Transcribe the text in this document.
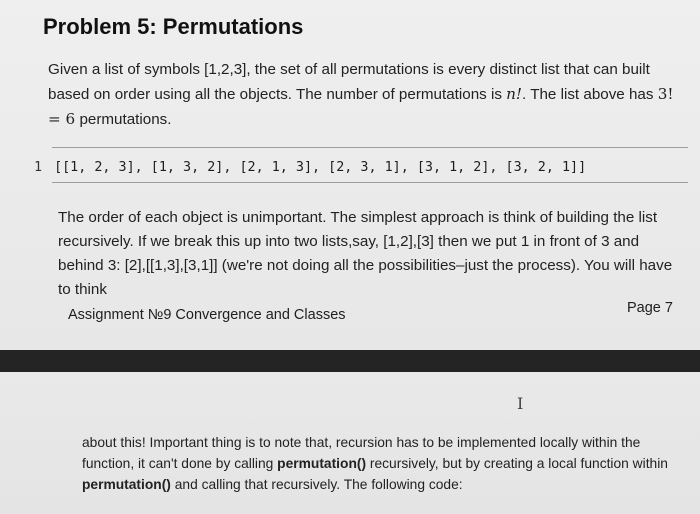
Problem 5: Permutations

Given a list of symbols [1,2,3], the set of all permutations is every distinct list that can built based on order using all the objects. The number of permutations is n!. The list above has 3! = 6 permutations.

1 [[1, 2, 3], [1, 3, 2], [2, 1, 3], [2, 3, 1], [3, 1, 2], [3, 2, 1]]

The order of each object is unimportant. The simplest approach is think of building the list recursively. If we break this up into two lists,say, [1,2],[3] then we put 1 in front of 3 and behind 3: [2],[[1,3],[3,1]] (we're not doing all the possibilities–just the process). You will have to think

Assignment №9 Convergence and Classes	Page 7
I

about this! Important thing is to note that, recursion has to be implemented locally within the function, it can't done by calling permutation() recursively, but by creating a local function within permutation() and calling that recursively. The following code:
